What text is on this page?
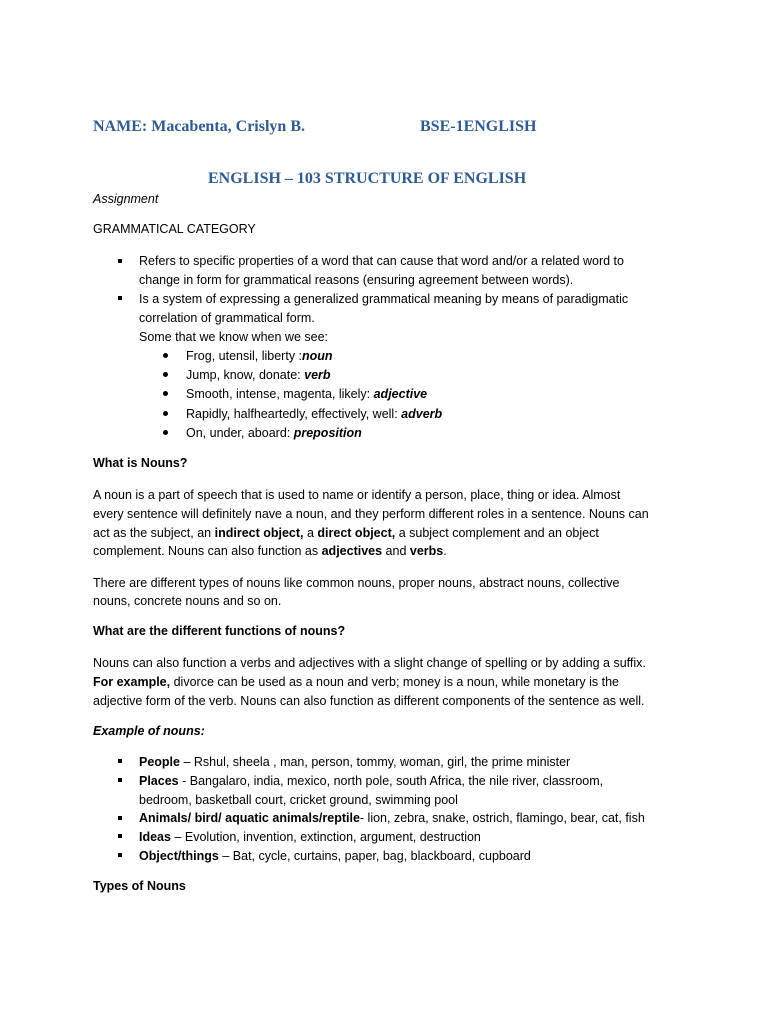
NAME: Macabenta, Crislyn B.	BSE-1ENGLISH
ENGLISH – 103 STRUCTURE OF ENGLISH
Assignment
GRAMMATICAL CATEGORY
Refers to specific properties of a word that can cause that word and/or a related word to
change in form for grammatical reasons (ensuring agreement between words).
Is a system of expressing a generalized grammatical meaning by means of paradigmatic
correlation of grammatical form.
Some that we know when we see:
Frog, utensil, liberty :noun
Jump, know, donate: verb
Smooth, intense, magenta, likely: adjective
Rapidly, halfheartedly, effectively, well: adverb
On, under, aboard: preposition
What is Nouns?
A noun is a part of speech that is used to name or identify a person, place, thing or idea. Almost
every sentence will definitely nave a noun, and they perform different roles in a sentence. Nouns can
act as the subject, an indirect object, a direct object, a subject complement and an object
complement. Nouns can also function as adjectives and verbs.
There are different types of nouns like common nouns, proper nouns, abstract nouns, collective
nouns, concrete nouns and so on.
What are the different functions of nouns?
Nouns can also function a verbs and adjectives with a slight change of spelling or by adding a suffix.
For example, divorce can be used as a noun and verb; money is a noun, while monetary is the
adjective form of the verb. Nouns can also function as different components of the sentence as well.
Example of nouns:
People – Rshul, sheela , man, person, tommy, woman, girl, the prime minister
Places - Bangalaro, india, mexico, north pole, south Africa, the nile river, classroom,
bedroom, basketball court, cricket ground, swimming pool
Animals/ bird/ aquatic animals/reptile- lion, zebra, snake, ostrich, flamingo, bear, cat, fish
Ideas – Evolution, invention, extinction, argument, destruction
Object/things – Bat, cycle, curtains, paper, bag, blackboard, cupboard
Types of Nouns
